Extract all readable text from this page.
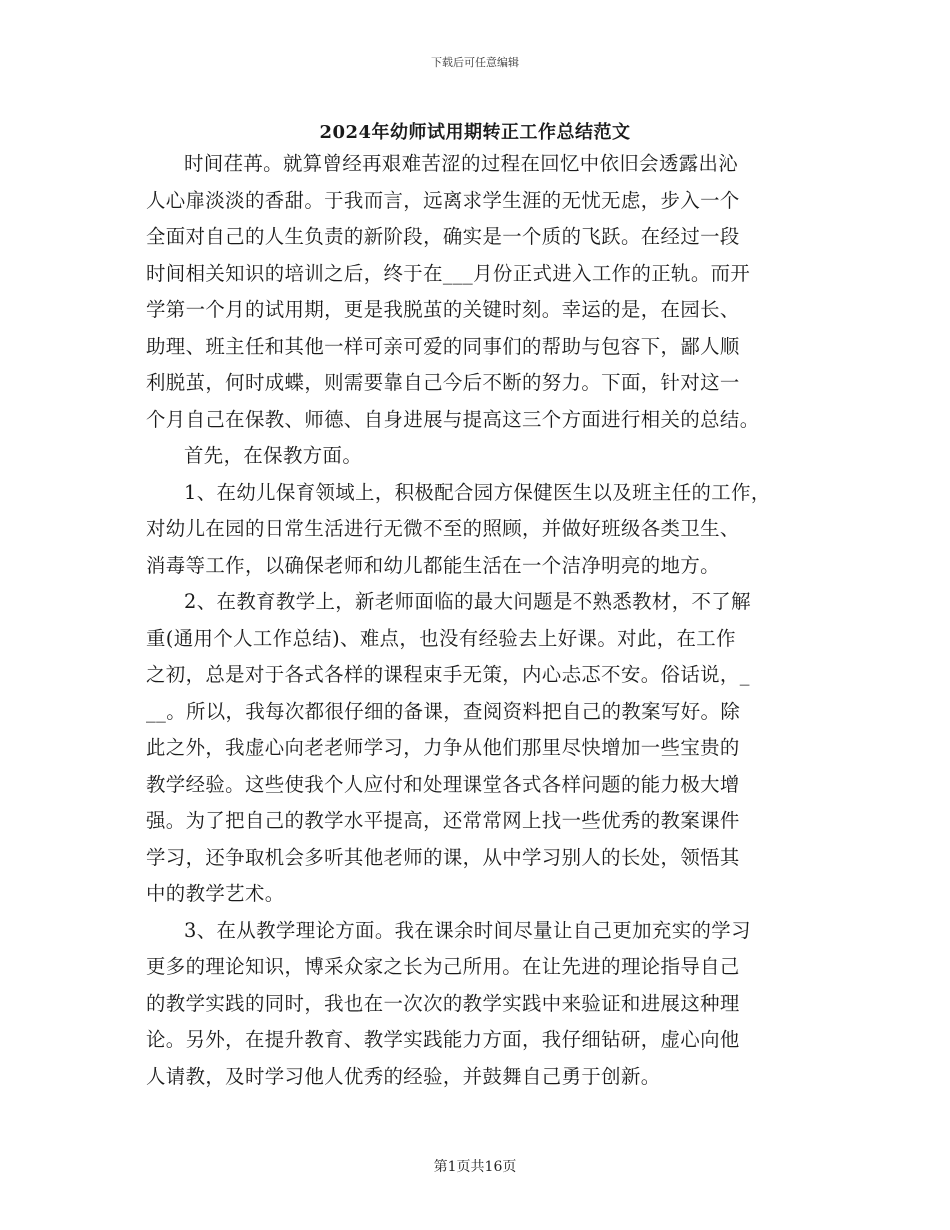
下载后可任意编辑
2024年幼师试用期转正工作总结范文
时间荏苒。就算曾经再艰难苦涩的过程在回忆中依旧会透露出沁
人心扉淡淡的香甜。于我而言，远离求学生涯的无忧无虑，步入一个
全面对自己的人生负责的新阶段，确实是一个质的飞跃。在经过一段
时间相关知识的培训之后，终于在___月份正式进入工作的正轨。而开
学第一个月的试用期，更是我脱茧的关键时刻。幸运的是，在园长、
助理、班主任和其他一样可亲可爱的同事们的帮助与包容下，鄙人顺
利脱茧，何时成蝶，则需要靠自己今后不断的努力。下面，针对这一
个月自己在保教、师德、自身进展与提高这三个方面进行相关的总结。
首先，在保教方面。
1、在幼儿保育领域上，积极配合园方保健医生以及班主任的工作，
对幼儿在园的日常生活进行无微不至的照顾，并做好班级各类卫生、
消毒等工作，以确保老师和幼儿都能生活在一个洁净明亮的地方。
2、在教育教学上，新老师面临的最大问题是不熟悉教材，不了解
重(通用个人工作总结)、难点，也没有经验去上好课。对此，在工作
之初，总是对于各式各样的课程束手无策，内心忐忑不安。俗话说，_
__。所以，我每次都很仔细的备课，查阅资料把自己的教案写好。除
此之外，我虚心向老老师学习，力争从他们那里尽快增加一些宝贵的
教学经验。这些使我个人应付和处理课堂各式各样问题的能力极大增
强。为了把自己的教学水平提高，还常常网上找一些优秀的教案课件
学习，还争取机会多听其他老师的课，从中学习别人的长处，领悟其
中的教学艺术。
3、在从教学理论方面。我在课余时间尽量让自己更加充实的学习
更多的理论知识，博采众家之长为己所用。在让先进的理论指导自己
的教学实践的同时，我也在一次次的教学实践中来验证和进展这种理
论。另外，在提升教育、教学实践能力方面，我仔细钻研，虚心向他
人请教，及时学习他人优秀的经验，并鼓舞自己勇于创新。
第1页共16页
